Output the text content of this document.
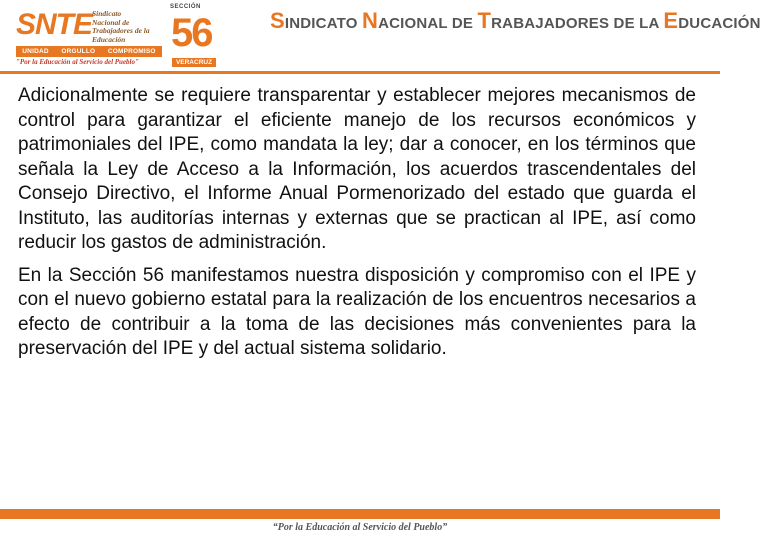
SNTE Sindicato
Nacional de
Trabajadores de la
Educación
UNIDAD ORGULLO COMPROMISO
"Por la Educación al Servicio del Pueblo"
SECCIÓN
56
VERACRUZ
SINDICATO NACIONAL DE TRABAJADORES DE LA EDUCACIÓN

Adicionalmente se requiere transparentar y establecer mejores mecanismos de control para garantizar el eficiente manejo de los recursos económicos y patrimoniales del IPE, como mandata la ley; dar a conocer, en los términos que señala la Ley de Acceso a la Información, los acuerdos trascendentales del Consejo Directivo, el Informe Anual Pormenorizado del estado que guarda el Instituto, las auditorías internas y externas que se practican al IPE, así como reducir los gastos de administración.

En la Sección 56 manifestamos nuestra disposición y compromiso con el IPE y con el nuevo gobierno estatal para la realización de los encuentros necesarios a efecto de contribuir a la toma de las decisiones más convenientes para la preservación del IPE y del actual sistema solidario.

“Por la Educación al Servicio del Pueblo”
